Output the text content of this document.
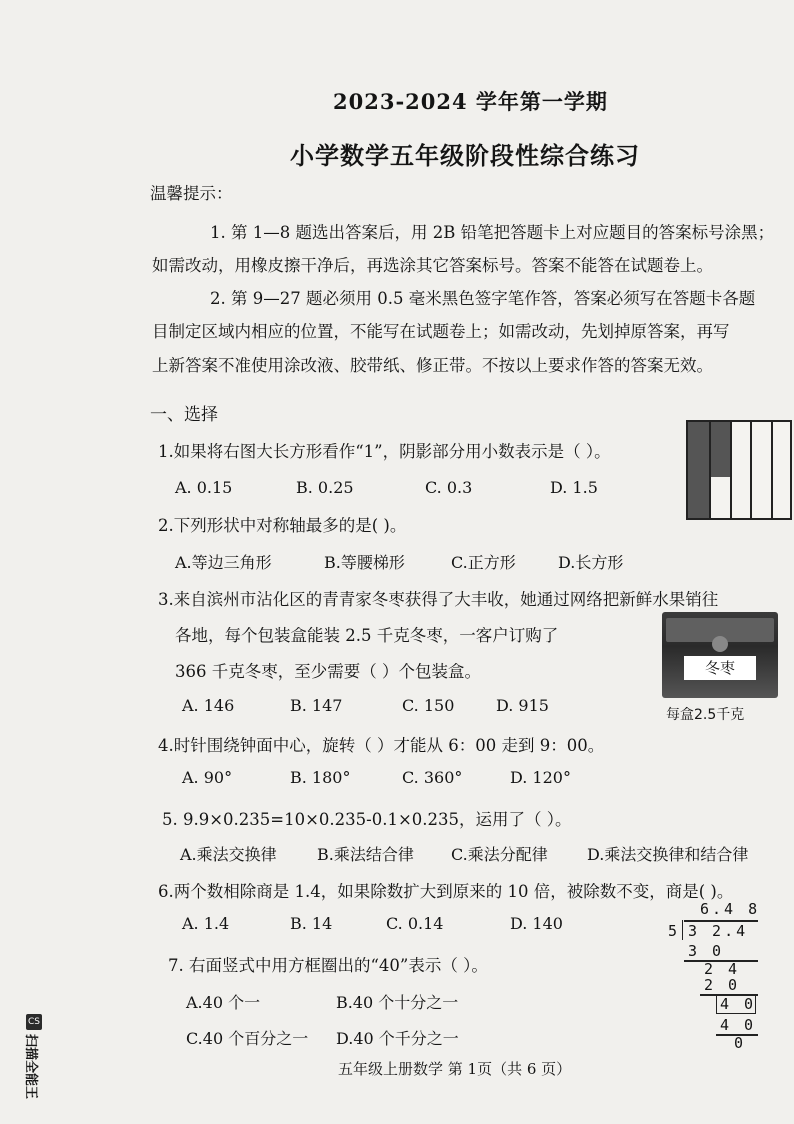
2023-2024 学年第一学期
小学数学五年级阶段性综合练习
温馨提示：
1. 第 1—8 题选出答案后，用 2B 铅笔把答题卡上对应题目的答案标号涂黑；
如需改动，用橡皮擦干净后，再选涂其它答案标号。答案不能答在试题卷上。
2. 第 9—27 题必须用 0.5 毫米黑色签字笔作答，答案必须写在答题卡各题
目制定区域内相应的位置，不能写在试题卷上；如需改动，先划掉原答案，再写
上新答案不准使用涂改液、胶带纸、修正带。不按以上要求作答的答案无效。
一、选择
1.如果将右图大长方形看作“1”，阴影部分用小数表示是（ ）。
A. 0.15	B. 0.25	C. 0.3	D. 1.5
2.下列形状中对称轴最多的是( )。
A.等边三角形	B.等腰梯形	C.正方形	D.长方形
3.来自滨州市沾化区的青青家冬枣获得了大丰收，她通过网络把新鲜水果销往
各地，每个包装盒能装 2.5 千克冬枣，一客户订购了
366 千克冬枣，至少需要（ ）个包装盒。
A. 146	B. 147	C. 150	D. 915
冬枣
每盒2.5千克
4.时针围绕钟面中心，旋转（ ）才能从 6：00 走到 9：00。
A. 90°	B. 180°	C. 360°	D. 120°
5. 9.9×0.235=10×0.235-0.1×0.235，运用了（ ）。
A.乘法交换律	B.乘法结合律 C.乘法分配律 D.乘法交换律和结合律
6.两个数相除商是 1.4，如果除数扩大到原来的 10 倍，被除数不变，商是( )。
A. 1.4	B. 14	C. 0.14	D. 140
7. 右面竖式中用方框圈出的“40”表示（ ）。
A.40 个一	B.40 个十分之一
C.40 个百分之一 D.40 个千分之一
6.4 8
5 3 2.4
3 0
2 4
2 0
4 0
4 0
0
五年级上册数学 第 1页（共 6 页）
CS
扫描全能王
